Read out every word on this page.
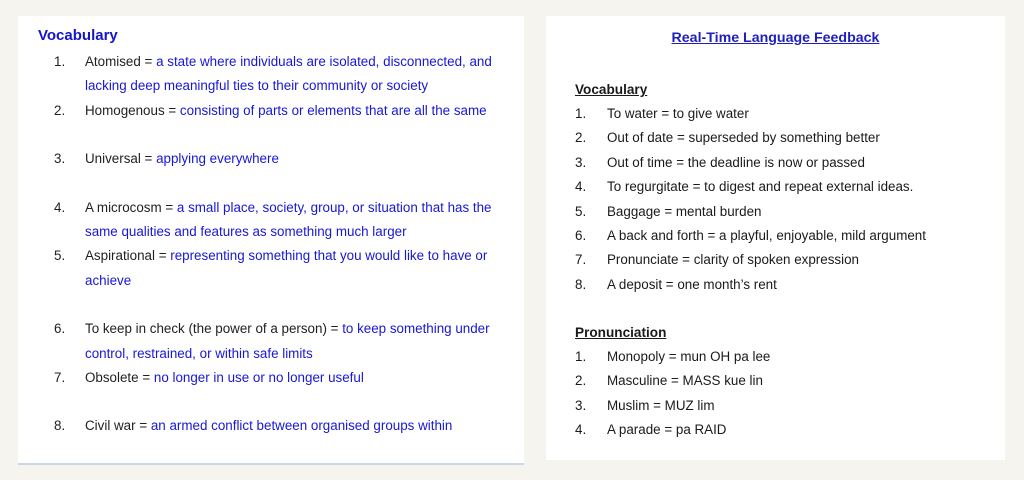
Vocabulary
1. Atomised = a state where individuals are isolated, disconnected, and lacking deep meaningful ties to their community or society
2. Homogenous = consisting of parts or elements that are all the same
3. Universal = applying everywhere
4. A microcosm = a small place, society, group, or situation that has the same qualities and features as something much larger
5. Aspirational = representing something that you would like to have or achieve
6. To keep in check (the power of a person) = to keep something under control, restrained, or within safe limits
7. Obsolete = no longer in use or no longer useful
8. Civil war = an armed conflict between organised groups within
Real-Time Language Feedback
Vocabulary
1. To water = to give water
2. Out of date = superseded by something better
3. Out of time = the deadline is now or passed
4. To regurgitate = to digest and repeat external ideas.
5. Baggage = mental burden
6. A back and forth = a playful, enjoyable, mild argument
7. Pronunciate = clarity of spoken expression
8. A deposit = one month’s rent
Pronunciation
1. Monopoly = mun OH pa lee
2. Masculine = MASS kue lin
3. Muslim = MUZ lim
4. A parade = pa RAID
